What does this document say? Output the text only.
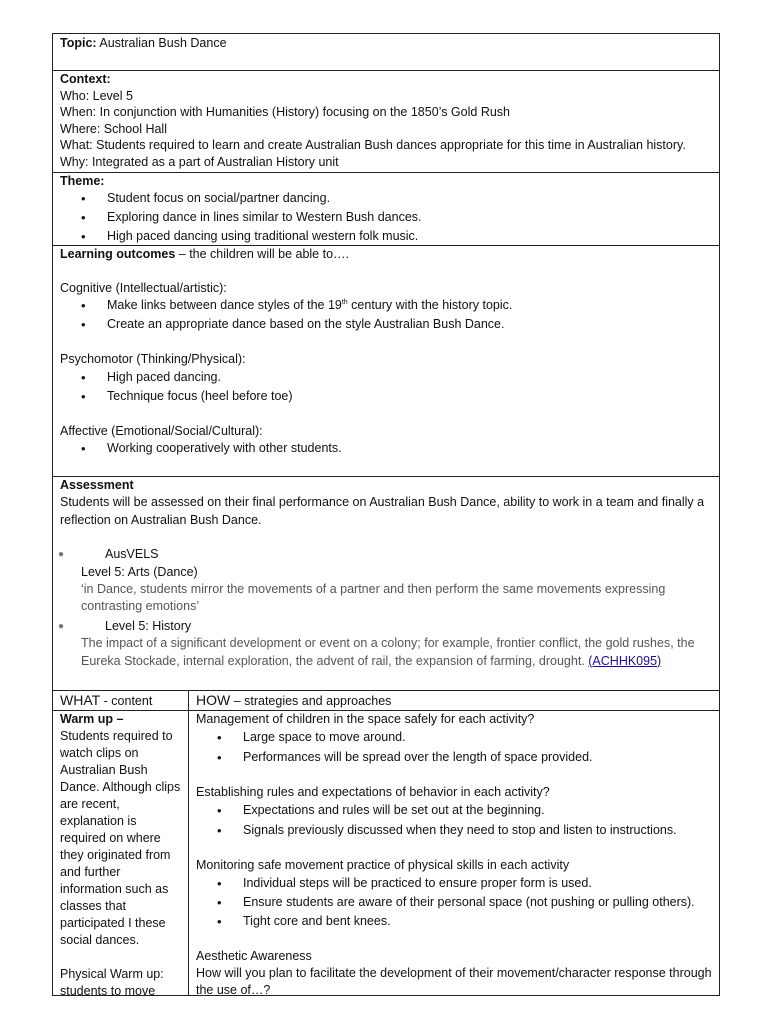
Topic: Australian Bush Dance
Context:
Who: Level 5
When: In conjunction with Humanities (History) focusing on the 1850’s Gold Rush
Where: School Hall
What: Students required to learn and create Australian Bush dances appropriate for this time in Australian history.
Why: Integrated as a part of Australian History unit
Theme:
• Student focus on social/partner dancing.
• Exploring dance in lines similar to Western Bush dances.
• High paced dancing using traditional western folk music.
Learning outcomes – the children will be able to….
Cognitive (Intellectual/artistic):
• Make links between dance styles of the 19th century with the history topic.
• Create an appropriate dance based on the style Australian Bush Dance.
Psychomotor (Thinking/Physical):
• High paced dancing.
• Technique focus (heel before toe)
Affective (Emotional/Social/Cultural):
• Working cooperatively with other students.
Assessment
Students will be assessed on their final performance on Australian Bush Dance, ability to work in a team and finally a reflection on Australian Bush Dance.
●	AusVELS
Level 5: Arts (Dance)
‘in Dance, students mirror the movements of a partner and then perform the same movements expressing contrasting emotions’
●	Level 5: History
The impact of a significant development or event on a colony; for example, frontier conflict, the gold rushes, the Eureka Stockade, internal exploration, the advent of rail, the expansion of farming, drought. (ACHHK095)
WHAT - content	HOW – strategies and approaches
Warm up –
Students required to watch clips on Australian Bush Dance. Although clips are recent, explanation is required on where they originated from and further information such as classes that participated I these social dances.
Physical Warm up: students to move
Management of children in the space safely for each activity?
• Large space to move around.
• Performances will be spread over the length of space provided.
Establishing rules and expectations of behavior in each activity?
• Expectations and rules will be set out at the beginning.
• Signals previously discussed when they need to stop and listen to instructions.
Monitoring safe movement practice of physical skills in each activity
• Individual steps will be practiced to ensure proper form is used.
• Ensure students are aware of their personal space (not pushing or pulling others).
• Tight core and bent knees.
Aesthetic Awareness
How will you plan to facilitate the development of their movement/character response through the use of…?
